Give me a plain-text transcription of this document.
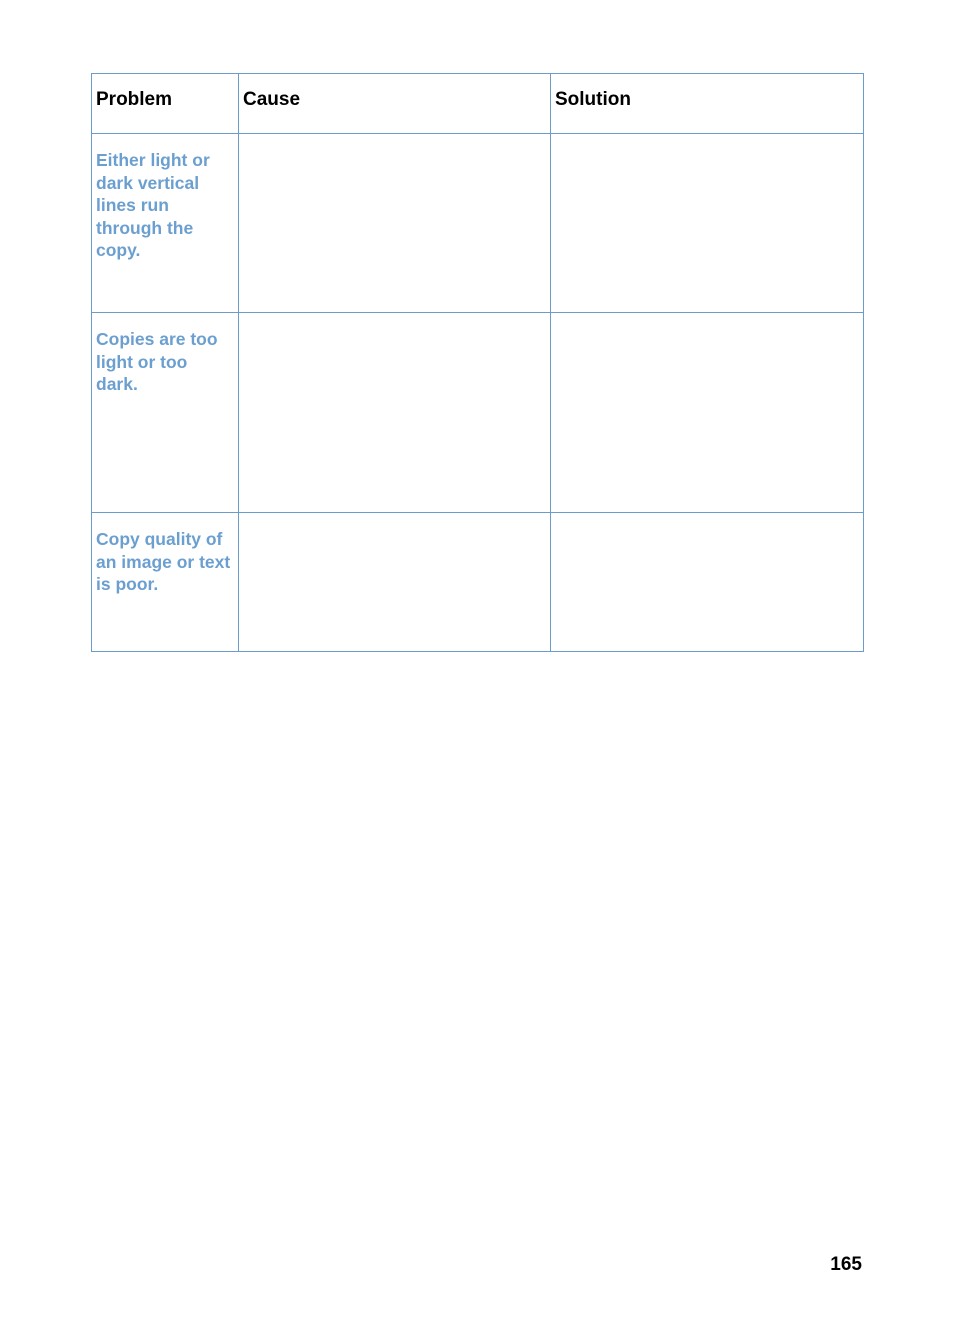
Problem	Cause	Solution

Either light or dark vertical lines run through the copy.		

Copies are too light or too dark.		

Copy quality of an image or text is poor.		

165
